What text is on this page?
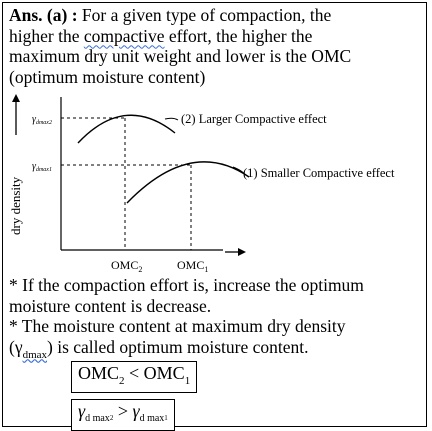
Ans. (a) : For a given type of compaction, the
higher the compactive effort, the higher the
maximum dry unit weight and lower is the OMC
(optimum moisture content)
dry density
$\gamma_{dmax2}$
$\gamma_{dmax1}$
(2) Larger Compactive effect
(1) Smaller Compactive effect
$OMC_2$	$OMC_1$
* If the compaction effort is, increase the optimum
moisture content is decrease.
* The moisture content at maximum dry density
$(\gamma_{dmax})$ is called optimum moisture content.
$OMC_2 < OMC_1$
$\gamma_{d max}2 > \gamma_{d max}1$
